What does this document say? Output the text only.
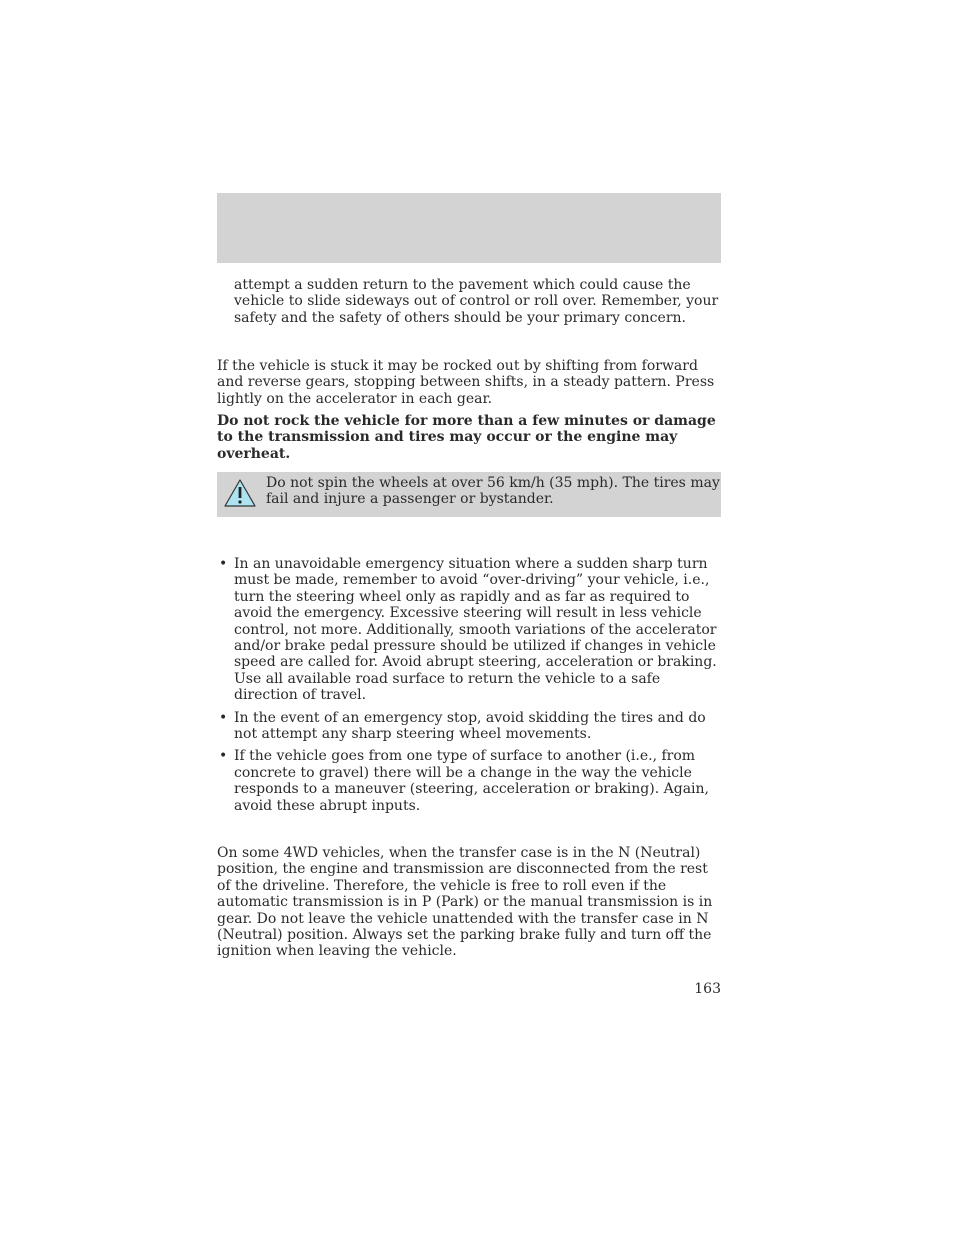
attempt a sudden return to the pavement which could cause the vehicle to slide sideways out of control or roll over. Remember, your safety and the safety of others should be your primary concern.

If the vehicle is stuck it may be rocked out by shifting from forward and reverse gears, stopping between shifts, in a steady pattern. Press lightly on the accelerator in each gear.

Do not rock the vehicle for more than a few minutes or damage to the transmission and tires may occur or the engine may overheat.

Do not spin the wheels at over 56 km/h (35 mph). The tires may fail and injure a passenger or bystander.
• In an unavoidable emergency situation where a sudden sharp turn must be made, remember to avoid “over-driving” your vehicle, i.e., turn the steering wheel only as rapidly and as far as required to avoid the emergency. Excessive steering will result in less vehicle control, not more. Additionally, smooth variations of the accelerator and/or brake pedal pressure should be utilized if changes in vehicle speed are called for. Avoid abrupt steering, acceleration or braking. Use all available road surface to return the vehicle to a safe direction of travel.
• In the event of an emergency stop, avoid skidding the tires and do not attempt any sharp steering wheel movements.
• If the vehicle goes from one type of surface to another (i.e., from concrete to gravel) there will be a change in the way the vehicle responds to a maneuver (steering, acceleration or braking). Again, avoid these abrupt inputs.

On some 4WD vehicles, when the transfer case is in the N (Neutral) position, the engine and transmission are disconnected from the rest of the driveline. Therefore, the vehicle is free to roll even if the automatic transmission is in P (Park) or the manual transmission is in gear. Do not leave the vehicle unattended with the transfer case in N (Neutral) position. Always set the parking brake fully and turn off the ignition when leaving the vehicle.

163
